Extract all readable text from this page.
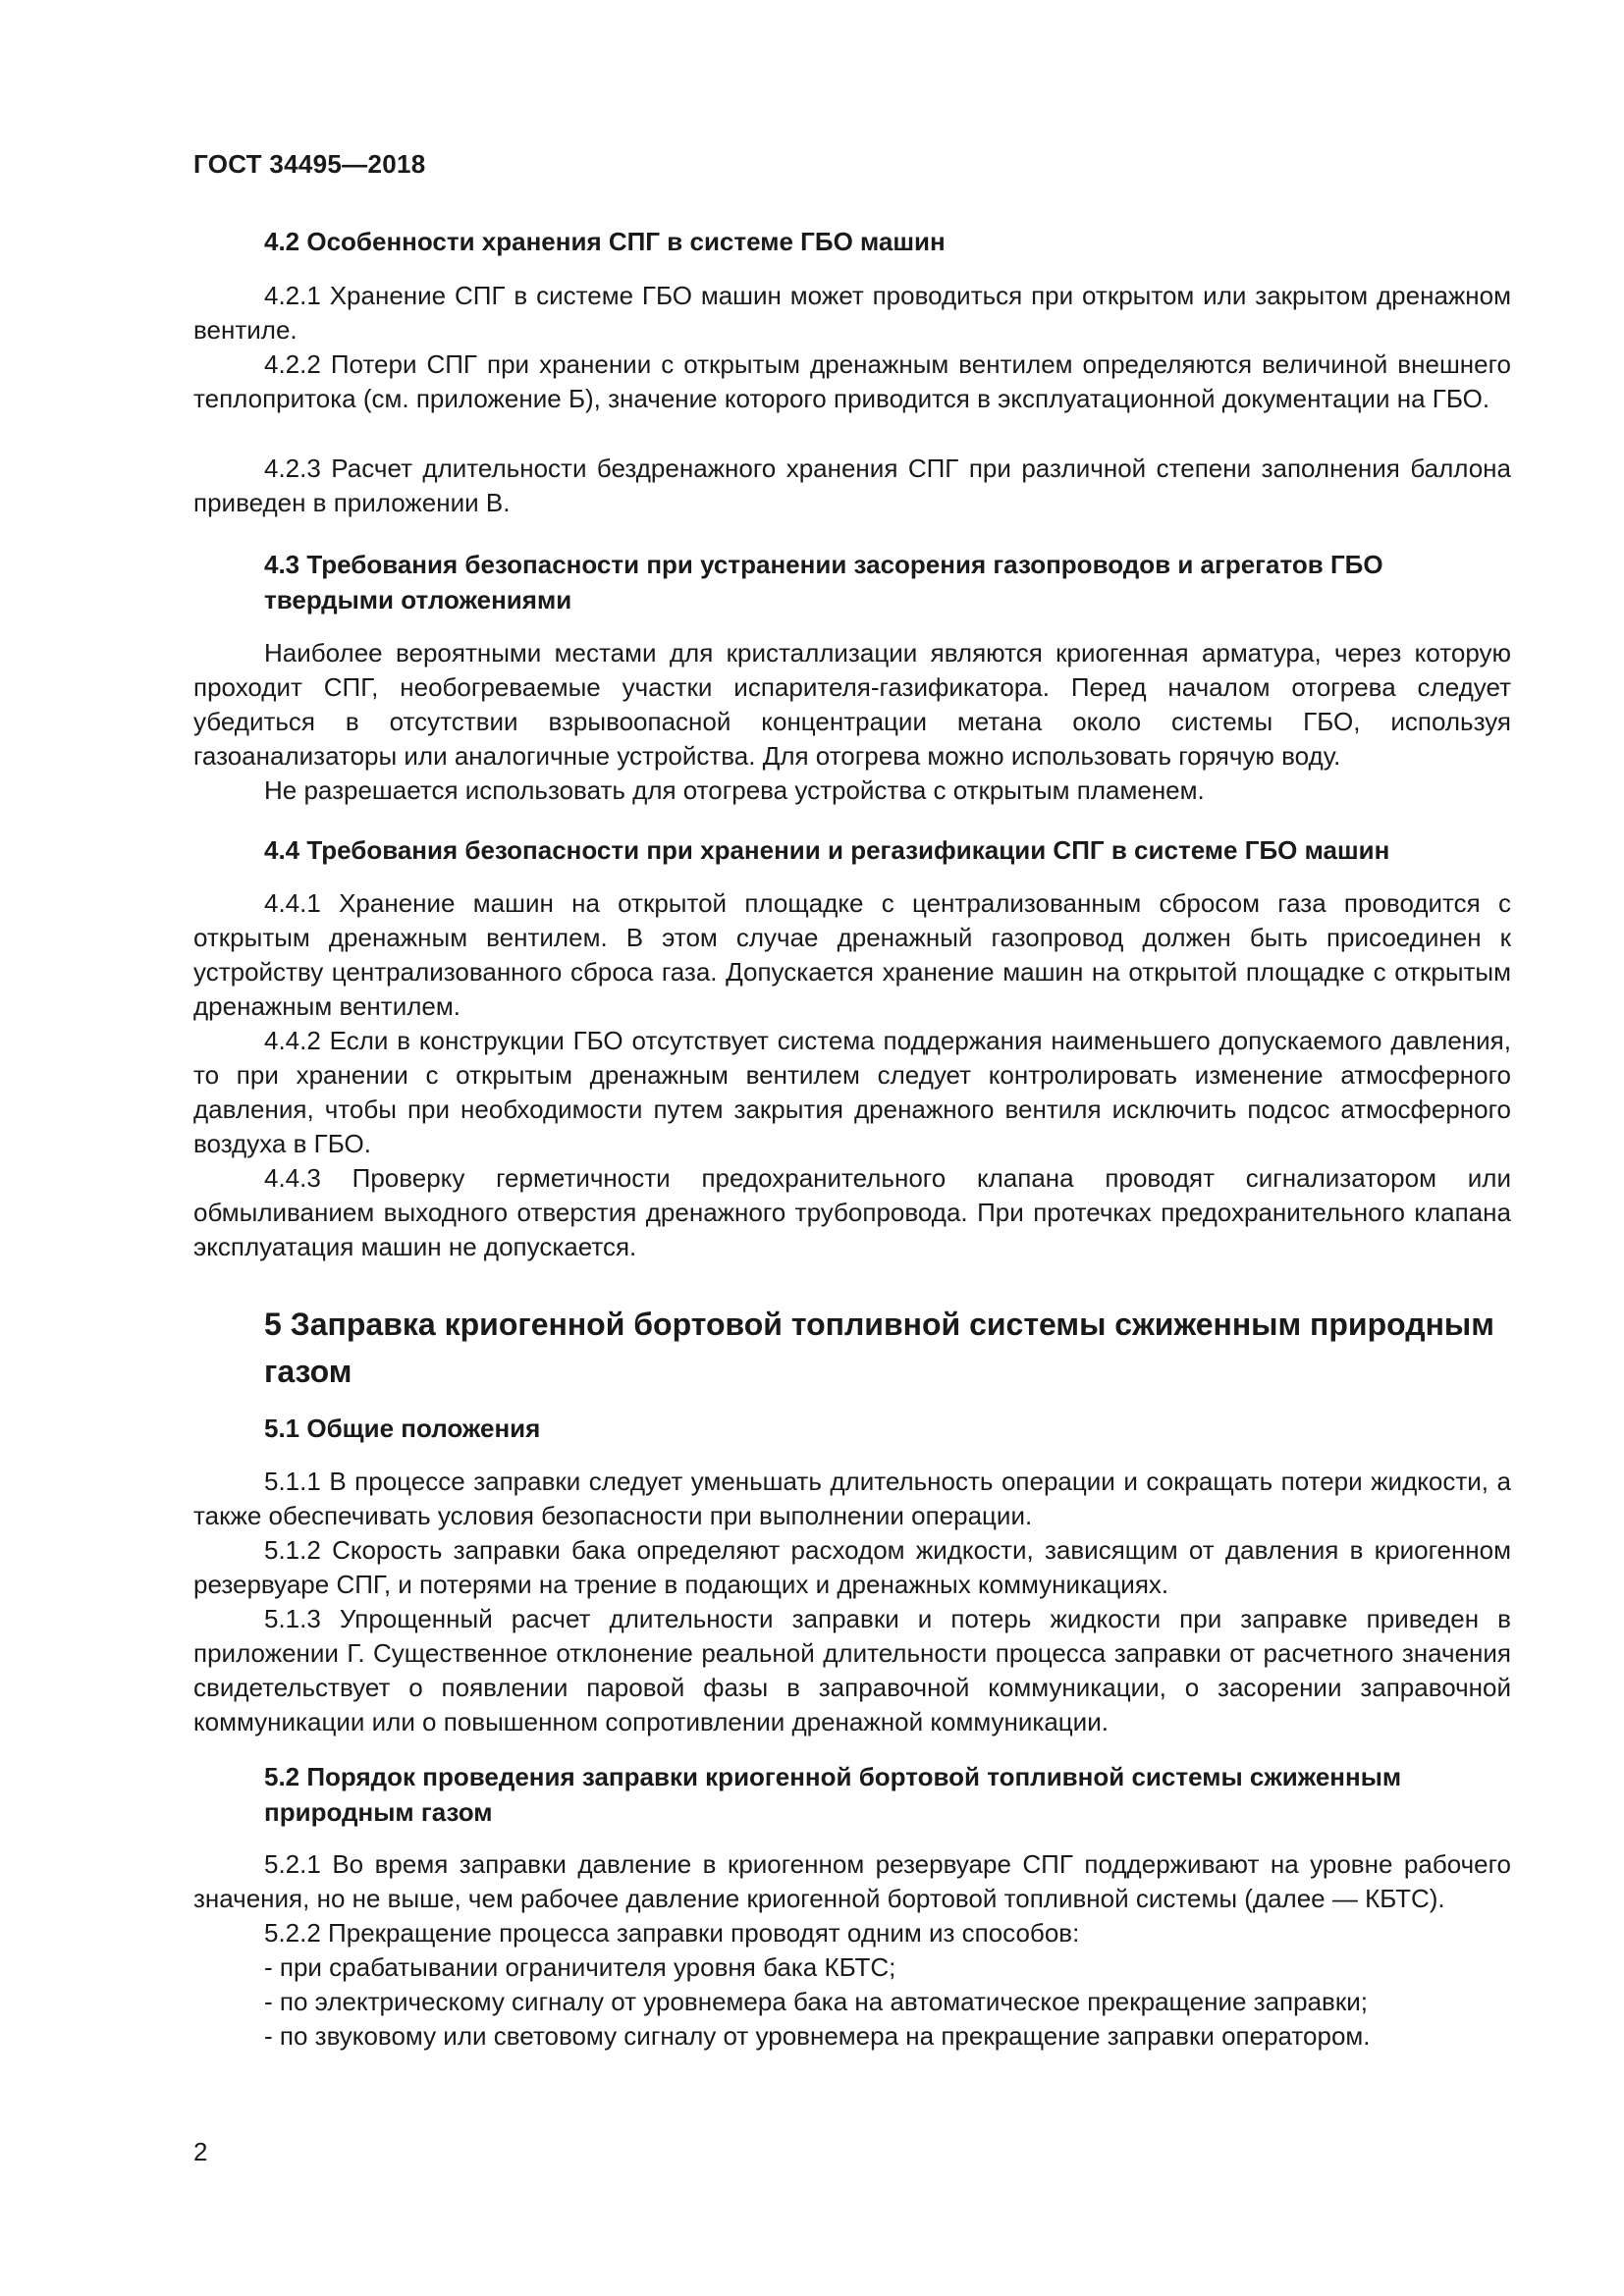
ГОСТ 34495—2018
4.2 Особенности хранения СПГ в системе ГБО машин

4.2.1 Хранение СПГ в системе ГБО машин может проводиться при открытом или закрытом дренажном вентиле.

4.2.2 Потери СПГ при хранении с открытым дренажным вентилем определяются величиной внешнего теплопритока (см. приложение Б), значение которого приводится в эксплуатационной документации на ГБО.

4.2.3 Расчет длительности бездренажного хранения СПГ при различной степени заполнения баллона приведен в приложении В.

4.3 Требования безопасности при устранении засорения газопроводов и агрегатов ГБО твердыми отложениями

Наиболее вероятными местами для кристаллизации являются криогенная арматура, через которую проходит СПГ, необогреваемые участки испарителя-газификатора. Перед началом отогрева следует убедиться в отсутствии взрывоопасной концентрации метана около системы ГБО, используя газоанализаторы или аналогичные устройства. Для отогрева можно использовать горячую воду.

Не разрешается использовать для отогрева устройства с открытым пламенем.

4.4 Требования безопасности при хранении и регазификации СПГ в системе ГБО машин

4.4.1 Хранение машин на открытой площадке с централизованным сбросом газа проводится с открытым дренажным вентилем. В этом случае дренажный газопровод должен быть присоединен к устройству централизованного сброса газа. Допускается хранение машин на открытой площадке с открытым дренажным вентилем.

4.4.2 Если в конструкции ГБО отсутствует система поддержания наименьшего допускаемого давления, то при хранении с открытым дренажным вентилем следует контролировать изменение атмосферного давления, чтобы при необходимости путем закрытия дренажного вентиля исключить подсос атмосферного воздуха в ГБО.

4.4.3 Проверку герметичности предохранительного клапана проводят сигнализатором или обмыливанием выходного отверстия дренажного трубопровода. При протечках предохранительного клапана эксплуатация машин не допускается.

5 Заправка криогенной бортовой топливной системы сжиженным природным газом
5.1 Общие положения

5.1.1 В процессе заправки следует уменьшать длительность операции и сокращать потери жидкости, а также обеспечивать условия безопасности при выполнении операции.

5.1.2 Скорость заправки бака определяют расходом жидкости, зависящим от давления в криогенном резервуаре СПГ, и потерями на трение в подающих и дренажных коммуникациях.

5.1.3 Упрощенный расчет длительности заправки и потерь жидкости при заправке приведен в приложении Г. Существенное отклонение реальной длительности процесса заправки от расчетного значения свидетельствует о появлении паровой фазы в заправочной коммуникации, о засорении заправочной коммуникации или о повышенном сопротивлении дренажной коммуникации.

5.2 Порядок проведения заправки криогенной бортовой топливной системы сжиженным природным газом

5.2.1 Во время заправки давление в криогенном резервуаре СПГ поддерживают на уровне рабочего значения, но не выше, чем рабочее давление криогенной бортовой топливной системы (далее — КБТС).

5.2.2 Прекращение процесса заправки проводят одним из способов:

- при срабатывании ограничителя уровня бака КБТС;
- по электрическому сигналу от уровнемера бака на автоматическое прекращение заправки;
- по звуковому или световому сигналу от уровнемера на прекращение заправки оператором.
2
